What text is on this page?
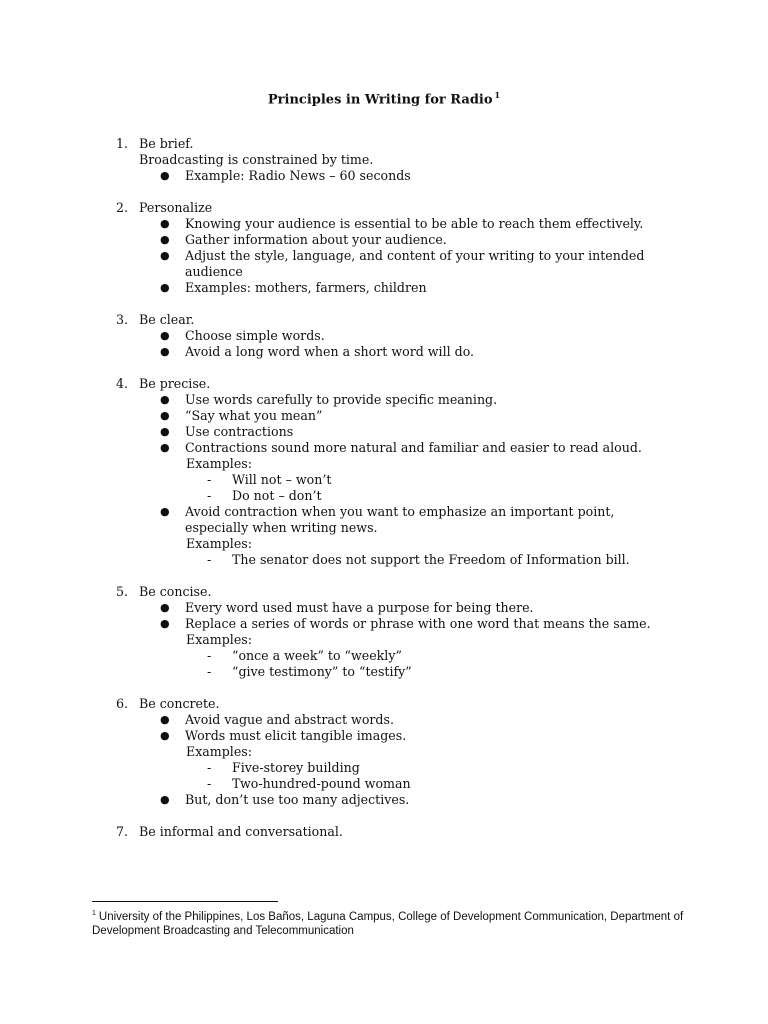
Principles in Writing for Radio $^1$
1. Be brief.
Broadcasting is constrained by time.
● Example: Radio News – 60 seconds
2. Personalize
● Knowing your audience is essential to be able to reach them effectively.
● Gather information about your audience.
● Adjust the style, language, and content of your writing to your intended audience
● Examples: mothers, farmers, children
3. Be clear.
● Choose simple words.
● Avoid a long word when a short word will do.
4. Be precise.
● Use words carefully to provide specific meaning.
● “Say what you mean”
● Use contractions
● Contractions sound more natural and familiar and easier to read aloud.
Examples:
- Will not – won’t
- Do not – don’t
● Avoid contraction when you want to emphasize an important point, especially when writing news.
Examples:
- The senator does not support the Freedom of Information bill.
5. Be concise.
● Every word used must have a purpose for being there.
● Replace a series of words or phrase with one word that means the same.
Examples:
- “once a week” to “weekly”
- “give testimony” to “testify”
6. Be concrete.
● Avoid vague and abstract words.
● Words must elicit tangible images.
Examples:
- Five-storey building
- Two-hundred-pound woman
● But, don’t use too many adjectives.
7. Be informal and conversational.
$^1$ University of the Philippines, Los Baños, Laguna Campus, College of Development Communication, Department of Development Broadcasting and Telecommunication
